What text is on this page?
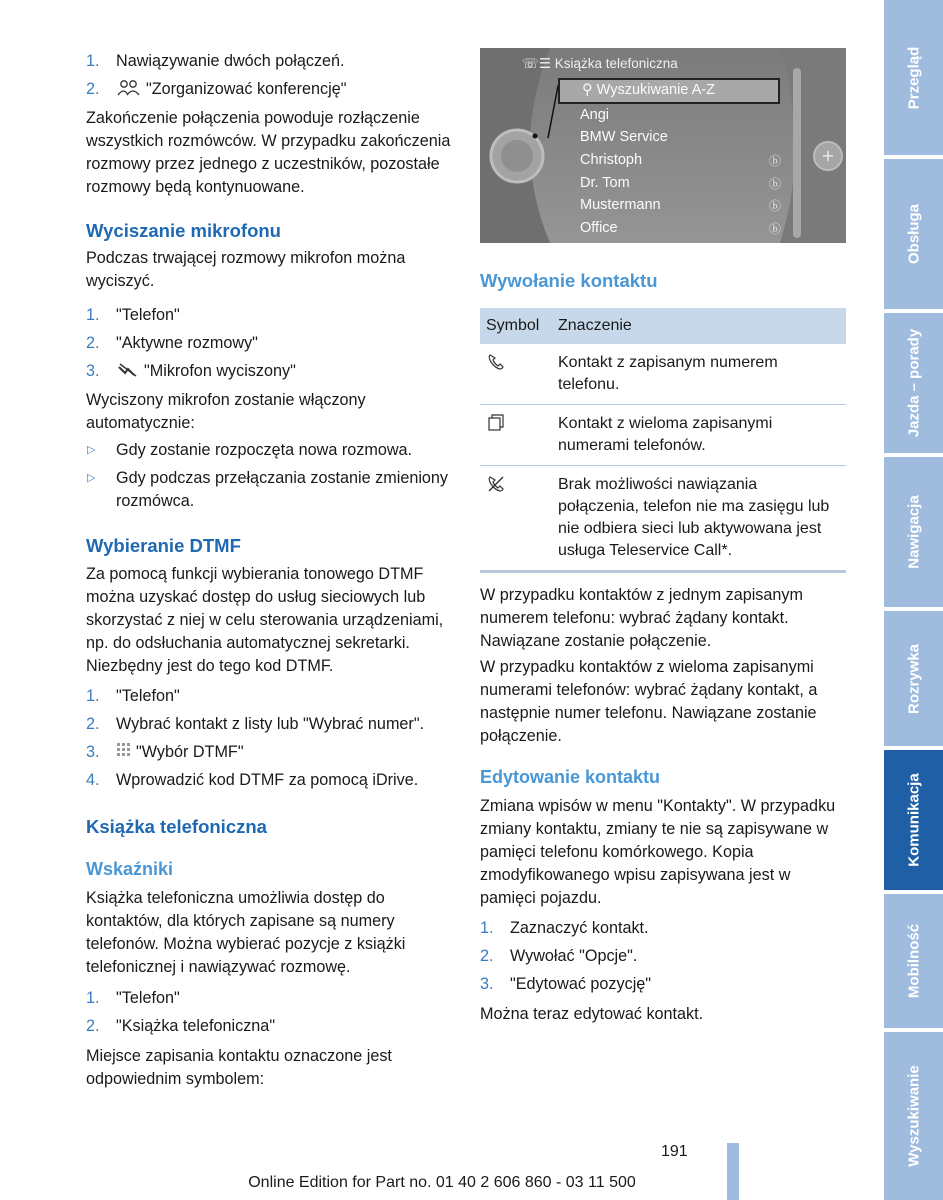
1. Nawiązywanie dwóch połączeń.
2.	"Zorganizować konferencję"

Zakończenie połączenia powoduje rozłączenie wszystkich rozmówców. W przypadku zakończenia rozmowy przez jednego z uczestników, pozostałe rozmowy będą kontynuowane.

Wyciszanie mikrofonu

Podczas trwającej rozmowy mikrofon można wyciszyć.

1. "Telefon"
2. "Aktywne rozmowy"
3.	"Mikrofon wyciszony"

Wyciszony mikrofon zostanie włączony automatycznie:

▷ Gdy zostanie rozpoczęta nowa rozmowa.
▷ Gdy podczas przełączania zostanie zmieniony rozmówca.
Wybieranie DTMF

Za pomocą funkcji wybierania tonowego DTMF można uzyskać dostęp do usług sieciowych lub skorzystać z niej w celu sterowania urządzeniami, np. do odsłuchania automatycznej sekretarki. Niezbędny jest do tego kod DTMF.

1. "Telefon"
2. Wybrać kontakt z listy lub "Wybrać numer".
3. "Wybór DTMF"
4. Wprowadzić kod DTMF za pomocą iDrive.
Książka telefoniczna
Wskaźniki

Książka telefoniczna umożliwia dostęp do kontaktów, dla których zapisane są numery telefonów. Można wybierać pozycje z książki telefonicznej i nawiązywać rozmowę.

1. "Telefon"
2. "Książka telefoniczna"

Miejsce zapisania kontaktu oznaczone jest odpowiednim symbolem:

+
☏☰ Książka telefoniczna
⚲ Wyszukiwanie A-Z
Angi
BMW Service
Christoph
Dr. Tom
Mustermann
Office
ⓑ
ⓑ
ⓑ
ⓑ
Wywołanie kontaktu
Symbol	Znaczenie
	Kontakt z zapisanym numerem telefonu.
	Kontakt z wieloma zapisanymi numerami telefonów.
	Brak możliwości nawiązania połączenia, telefon nie ma zasięgu lub nie odbiera sieci lub aktywowana jest usługa Teleservice Call*.

W przypadku kontaktów z jednym zapisanym numerem telefonu: wybrać żądany kontakt. Nawiązane zostanie połączenie.

W przypadku kontaktów z wieloma zapisanymi numerami telefonów: wybrać żądany kontakt, a następnie numer telefonu. Nawiązane zostanie połączenie.

Edytowanie kontaktu

Zmiana wpisów w menu "Kontakty". W przypadku zmiany kontaktu, zmiany te nie są zapisywane w pamięci telefonu komórkowego. Kopia zmodyfikowanego wpisu zapisywana jest w pamięci pojazdu.

1. Zaznaczyć kontakt.
2. Wywołać "Opcje".
3. "Edytować pozycję"

Można teraz edytować kontakt.

Przegląd
Obsługa
Jazda – porady
Nawigacja
Rozrywka
Komunikacja
Mobilność
Wyszukiwanie
191
Online Edition for Part no. 01 40 2 606 860 - 03 11 500
